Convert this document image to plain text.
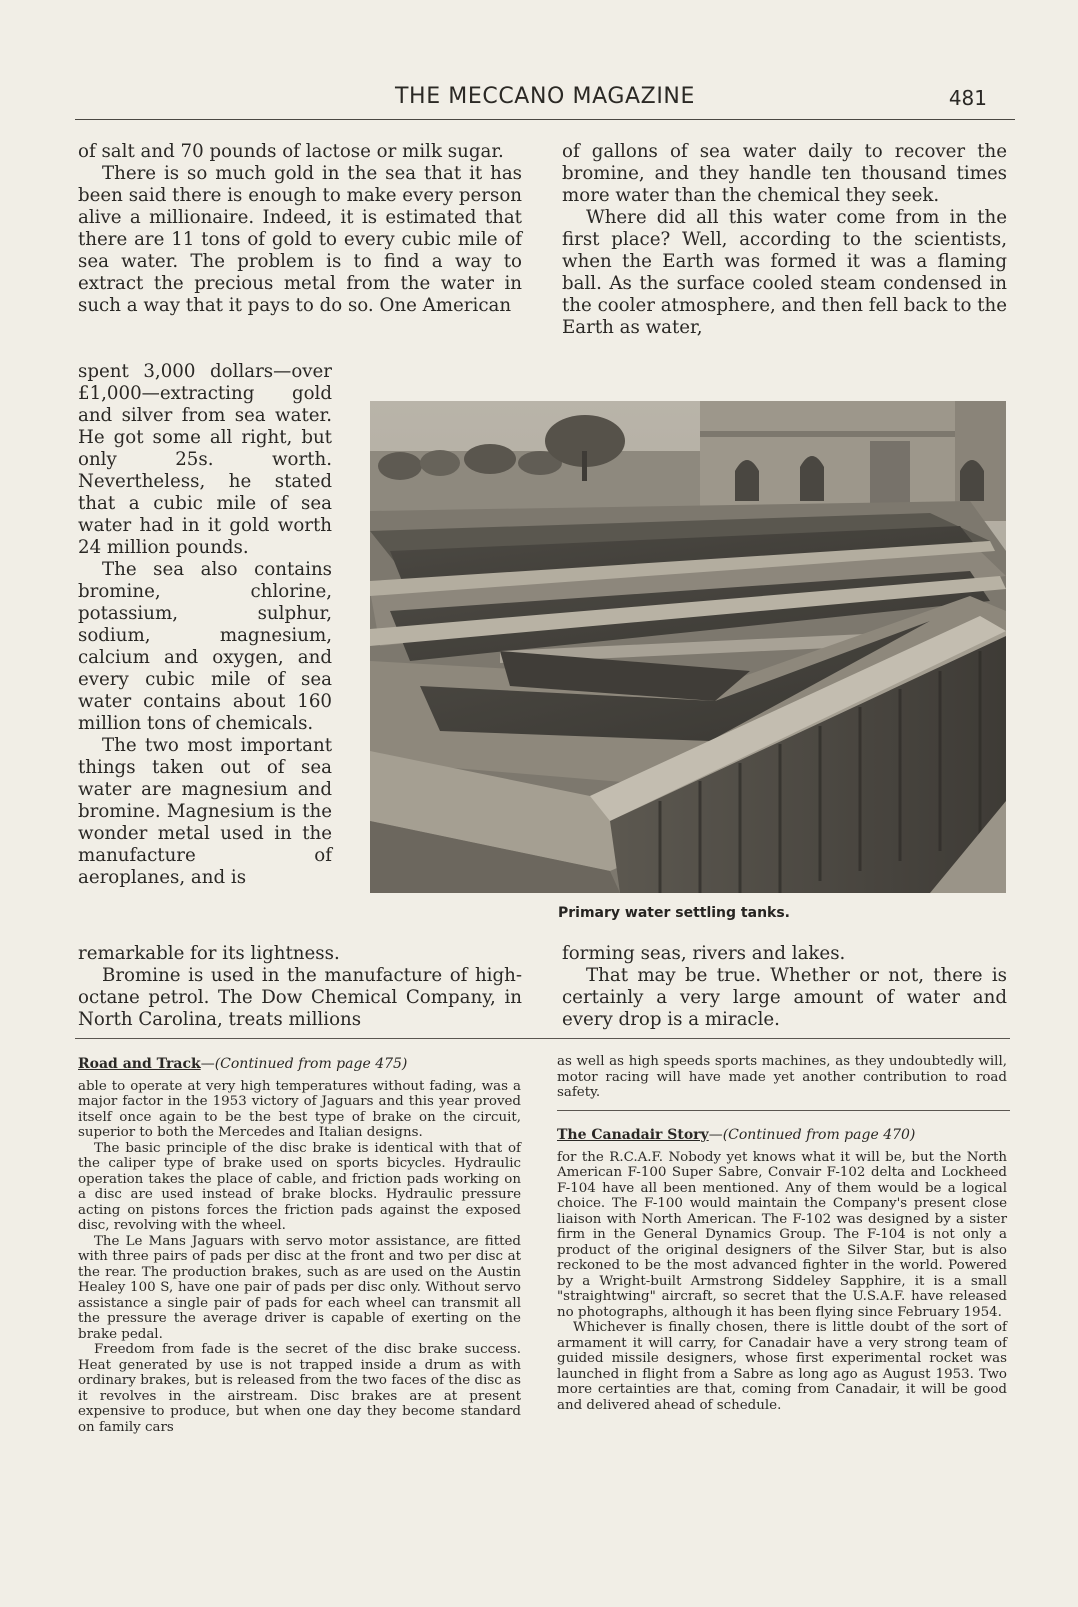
THE MECCANO MAGAZINE	481

of salt and 70 pounds of lactose or milk sugar.

There is so much gold in the sea that it has been said there is enough to make every person alive a millionaire. Indeed, it is estimated that there are 11 tons of gold to every cubic mile of sea water. The problem is to find a way to extract the precious metal from the water in such a way that it pays to do so. One American

spent 3,000 dollars—over £1,000—extracting gold and silver from sea water. He got some all right, but only 25s. worth. Nevertheless, he stated that a cubic mile of sea water had in it gold worth 24 million pounds.

The sea also contains bromine, chlorine, potassium, sulphur, sodium, magnesium, calcium and oxygen, and every cubic mile of sea water contains about 160 million tons of chemicals.

The two most important things taken out of sea water are magnesium and bromine. Magnesium is the wonder metal used in the manufacture of aeroplanes, and is

remarkable for its lightness.

Bromine is used in the manufacture of high-octane petrol. The Dow Chemical Company, in North Carolina, treats millions

of gallons of sea water daily to recover the bromine, and they handle ten thousand times more water than the chemical they seek.

Where did all this water come from in the first place? Well, according to the scientists, when the Earth was formed it was a flaming ball. As the surface cooled steam condensed in the cooler atmosphere, and then fell back to the Earth as water,

forming seas, rivers and lakes.

That may be true. Whether or not, there is certainly a very large amount of water and every drop is a miracle.

Primary water settling tanks.
Road and Track—(Continued from page 475)

able to operate at very high temperatures without fading, was a major factor in the 1953 victory of Jaguars and this year proved itself once again to be the best type of brake on the circuit, superior to both the Mercedes and Italian designs.

The basic principle of the disc brake is identical with that of the caliper type of brake used on sports bicycles. Hydraulic operation takes the place of cable, and friction pads working on a disc are used instead of brake blocks. Hydraulic pressure acting on pistons forces the friction pads against the exposed disc, revolving with the wheel.

The Le Mans Jaguars with servo motor assistance, are fitted with three pairs of pads per disc at the front and two per disc at the rear. The production brakes, such as are used on the Austin Healey 100 S, have one pair of pads per disc only. Without servo assistance a single pair of pads for each wheel can transmit all the pressure the average driver is capable of exerting on the brake pedal.

Freedom from fade is the secret of the disc brake success. Heat generated by use is not trapped inside a drum as with ordinary brakes, but is released from the two faces of the disc as it revolves in the airstream. Disc brakes are at present expensive to produce, but when one day they become standard on family cars

as well as high speeds sports machines, as they undoubtedly will, motor racing will have made yet another contribution to road safety.

The Canadair Story—(Continued from page 470)

for the R.C.A.F. Nobody yet knows what it will be, but the North American F-100 Super Sabre, Convair F-102 delta and Lockheed F-104 have all been mentioned. Any of them would be a logical choice. The F-100 would maintain the Company's present close liaison with North American. The F-102 was designed by a sister firm in the General Dynamics Group. The F-104 is not only a product of the original designers of the Silver Star, but is also reckoned to be the most advanced fighter in the world. Powered by a Wright-built Armstrong Siddeley Sapphire, it is a small "straightwing" aircraft, so secret that the U.S.A.F. have released no photographs, although it has been flying since February 1954.

Whichever is finally chosen, there is little doubt of the sort of armament it will carry, for Canadair have a very strong team of guided missile designers, whose first experimental rocket was launched in flight from a Sabre as long ago as August 1953. Two more certainties are that, coming from Canadair, it will be good and delivered ahead of schedule.
